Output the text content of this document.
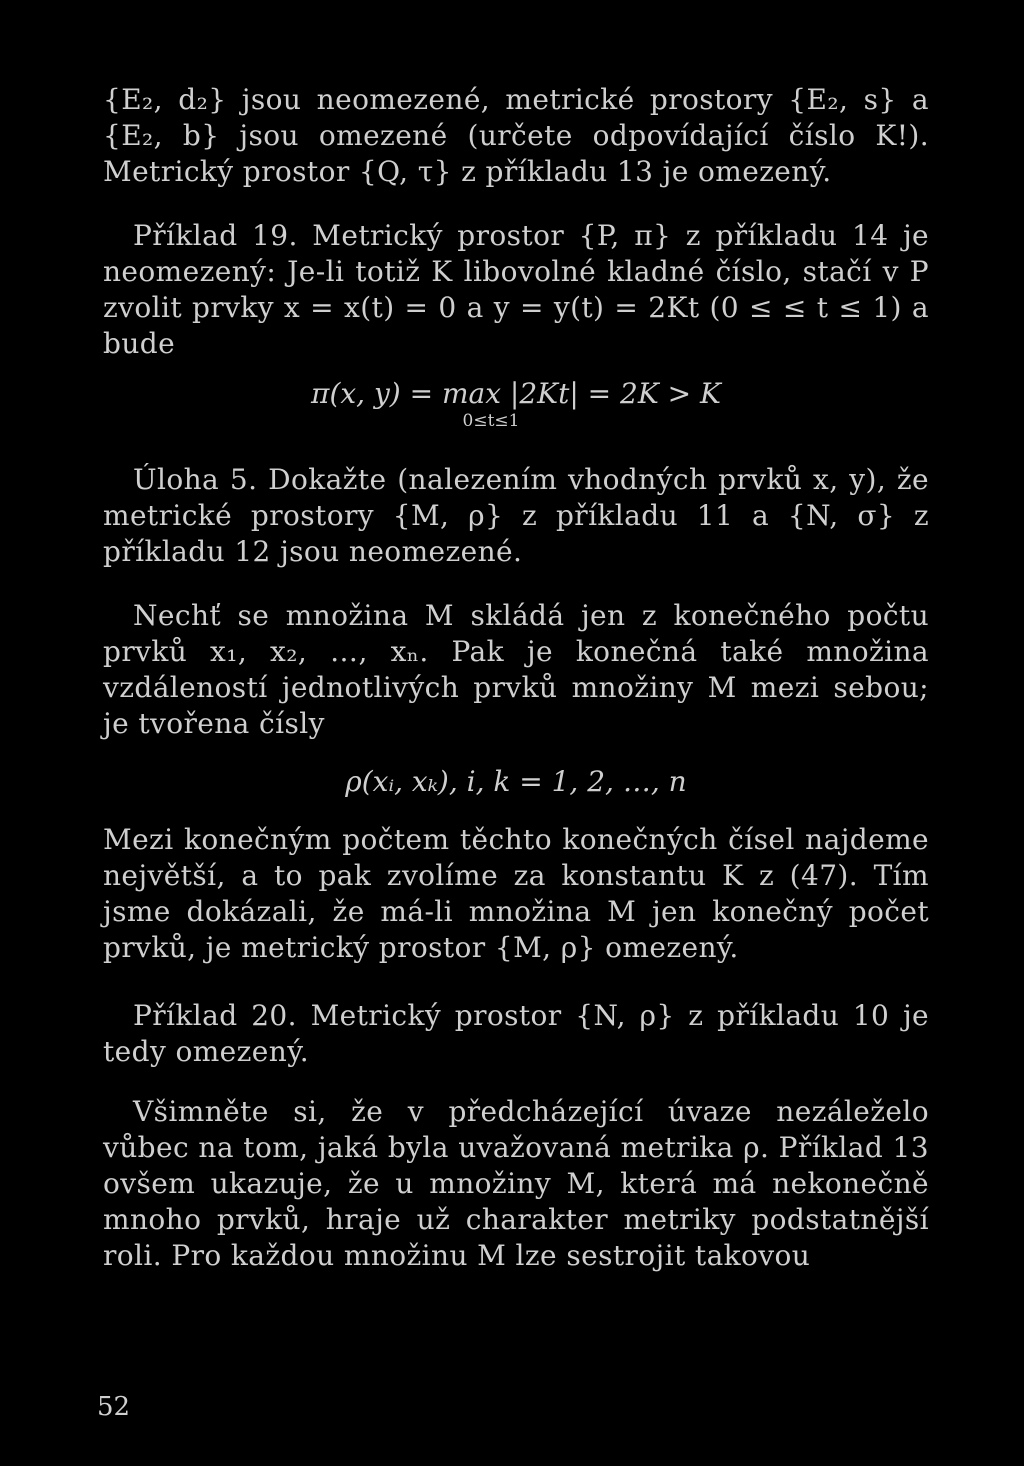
{E₂, d₂} jsou neomezené, metrické prostory {E₂, s} a {E₂, b} jsou omezené (určete odpovídající číslo K!). Metrický prostor {Q, τ} z příkladu 13 je omezený.

Příklad 19. Metrický prostor {P, π} z příkladu 14 je neomezený: Je-li totiž K libovolné kladné číslo, stačí v P zvolit prvky x = x(t) = 0 a y = y(t) = 2Kt (0 ≤ ≤ t ≤ 1) a bude

π(x, y) = max |2Kt| = 2K > K
0≤t≤1

Úloha 5. Dokažte (nalezením vhodných prvků x, y), že metrické prostory {M, ρ} z příkladu 11 a {N, σ} z příkladu 12 jsou neomezené.

Nechť se množina M skládá jen z konečného počtu prvků x₁, x₂, …, xₙ. Pak je konečná také množina vzdáleností jednotlivých prvků množiny M mezi sebou; je tvořena čísly

ρ(xᵢ, xₖ), i, k = 1, 2, …, n

Mezi konečným počtem těchto konečných čísel najdeme největší, a to pak zvolíme za konstantu K z (47). Tím jsme dokázali, že má-li množina M jen konečný počet prvků, je metrický prostor {M, ρ} omezený.

Příklad 20. Metrický prostor {N, ρ} z příkladu 10 je tedy omezený.

Všimněte si, že v předcházející úvaze nezáleželo vůbec na tom, jaká byla uvažovaná metrika ρ. Příklad 13 ovšem ukazuje, že u množiny M, která má nekonečně mnoho prvků, hraje už charakter metriky podstatnější roli. Pro každou množinu M lze sestrojit takovou

52
